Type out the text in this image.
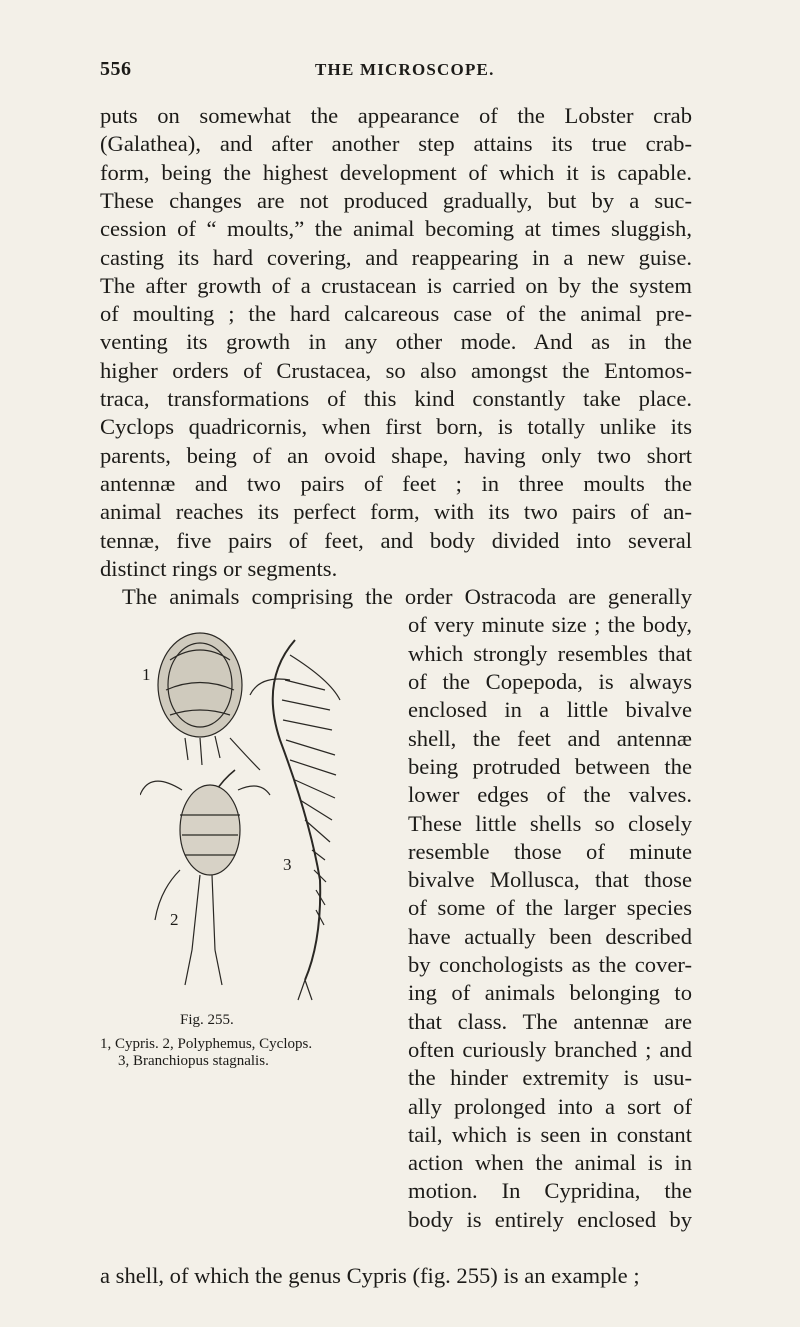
556	THE MICROSCOPE.
puts on somewhat the appearance of the Lobster crab
(Galathea), and after another step attains its true crab-
form, being the highest development of which it is capable.
These changes are not produced gradually, but by a suc-
cession of “ moults,” the animal becoming at times sluggish,
casting its hard covering, and reappearing in a new guise.
The after growth of a crustacean is carried on by the system
of moulting ; the hard calcareous case of the animal pre-
venting its growth in any other mode. And as in the
higher orders of Crustacea, so also amongst the Entomos-
traca, transformations of this kind constantly take place.
Cyclops quadricornis, when first born, is totally unlike its
parents, being of an ovoid shape, having only two short
antennæ and two pairs of feet ; in three moults the
animal reaches its perfect form, with its two pairs of an-
tennæ, five pairs of feet, and body divided into several
distinct rings or segments.
The animals comprising the order Ostracoda are generally
of very minute size ; the body,
which strongly resembles that
of the Copepoda, is always
enclosed in a little bivalve
shell, the feet and antennæ
being protruded between the
lower edges of the valves.
These little shells so closely
resemble those of minute
bivalve Mollusca, that those
of some of the larger species
have actually been described
by conchologists as the cover-
ing of animals belonging to
that class. The antennæ are
often curiously branched ; and
the hinder extremity is usu-
ally prolonged into a sort of
tail, which is seen in constant
action when the animal is in
motion. In Cypridina, the
body is entirely enclosed by
a shell, of which the genus Cypris (fig. 255) is an example ;
2
3
1
Fig. 255.
1, Cypris. 2, Polyphemus, Cyclops.
3, Branchiopus stagnalis.
